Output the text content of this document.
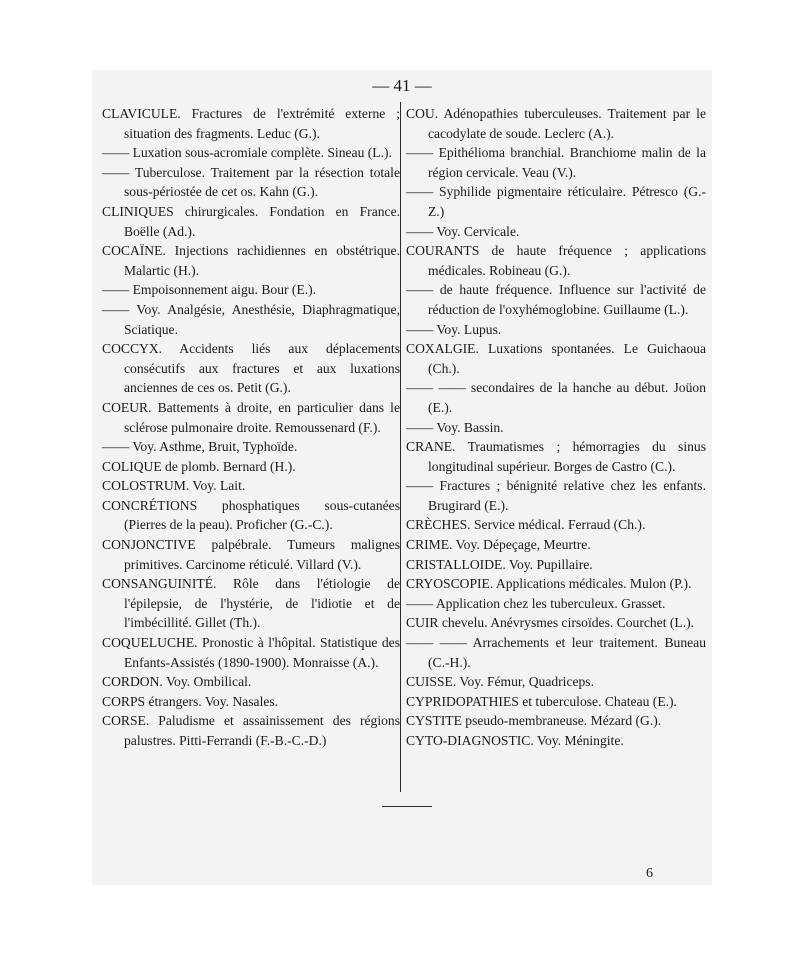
— 41 —
CLAVICULE. Fractures de l'extrémité externe ; situation des fragments. Leduc (G.).
—— Luxation sous-acromiale complète. Sineau (L.).
—— Tuberculose. Traitement par la résection totale sous-périostée de cet os. Kahn (G.).
CLINIQUES chirurgicales. Fondation en France. Boëlle (Ad.).
COCAÏNE. Injections rachidiennes en obstétrique. Malartic (H.).
—— Empoisonnement aigu. Bour (E.).
—— Voy. Analgésie, Anesthésie, Diaphragmatique, Sciatique.
COCCYX. Accidents liés aux déplacements consécutifs aux fractures et aux luxations anciennes de ces os. Petit (G.).
COEUR. Battements à droite, en particulier dans le sclérose pulmonaire droite. Remoussenard (F.).
—— Voy. Asthme, Bruit, Typhoïde.
COLIQUE de plomb. Bernard (H.).
COLOSTRUM. Voy. Lait.
CONCRÉTIONS phosphatiques sous-cutanées (Pierres de la peau). Proficher (G.-C.).
CONJONCTIVE palpébrale. Tumeurs malignes primitives. Carcinome réticulé. Villard (V.).
CONSANGUINITÉ. Rôle dans l'étiologie de l'épilepsie, de l'hystérie, de l'idiotie et de l'imbécillité. Gillet (Th.).
COQUELUCHE. Pronostic à l'hôpital. Statistique des Enfants-Assistés (1890-1900). Monraisse (A.).
CORDON. Voy. Ombilical.
CORPS étrangers. Voy. Nasales.
CORSE. Paludisme et assainissement des régions palustres. Pitti-Ferrandi (F.-B.-C.-D.)
COU. Adénopathies tuberculeuses. Traitement par le cacodylate de soude. Leclerc (A.).
—— Epithélioma branchial. Branchiome malin de la région cervicale. Veau (V.).
—— Syphilide pigmentaire réticulaire. Pétresco (G.-Z.)
—— Voy. Cervicale.
COURANTS de haute fréquence ; applications médicales. Robineau (G.).
—— de haute fréquence. Influence sur l'activité de réduction de l'oxyhémoglobine. Guillaume (L.).
—— Voy. Lupus.
COXALGIE. Luxations spontanées. Le Guichaoua (Ch.).
—— —— secondaires de la hanche au début. Joüon (E.).
—— Voy. Bassin.
CRANE. Traumatismes ; hémorragies du sinus longitudinal supérieur. Borges de Castro (C.).
—— Fractures ; bénignité relative chez les enfants. Brugirard (E.).
CRÈCHES. Service médical. Ferraud (Ch.).
CRIME. Voy. Dépeçage, Meurtre.
CRISTALLOIDE. Voy. Pupillaire.
CRYOSCOPIE. Applications médicales. Mulon (P.).
—— Application chez les tuberculeux. Grasset.
CUIR chevelu. Anévrysmes cirsoïdes. Courchet (L.).
—— —— Arrachements et leur traitement. Buneau (C.-H.).
CUISSE. Voy. Fémur, Quadriceps.
CYPRIDOPATHIES et tuberculose. Chateau (E.).
CYSTITE pseudo-membraneuse. Mézard (G.).
CYTO-DIAGNOSTIC. Voy. Méningite.
6
